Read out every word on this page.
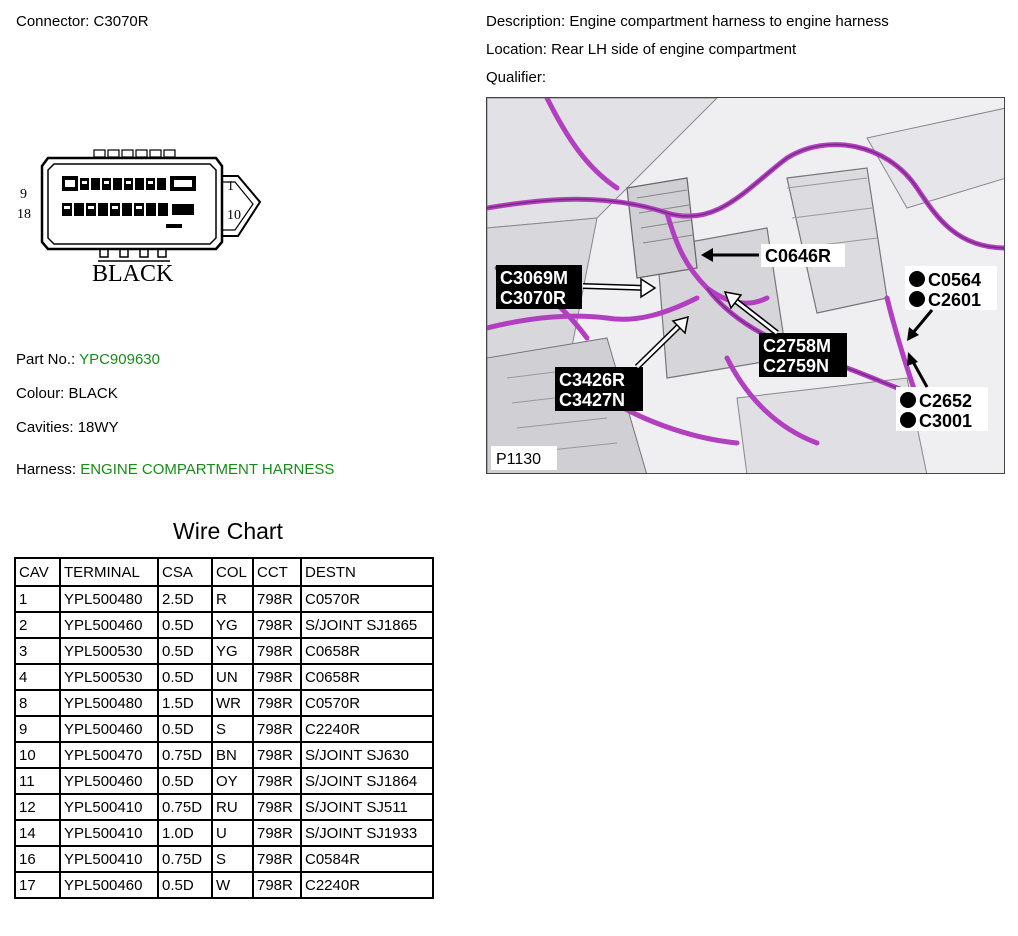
Connector: C3070R	Description: Engine compartment harness to engine harness
Location: Rear LH side of engine compartment
Qualifier:
9
18
1
10
BLACK
Part No.: YPC909630
Colour: BLACK
Cavities: 18WY
Harness: ENGINE COMPARTMENT HARNESS
C3069M
C3070R
C0646R
C0564
C2601
C2758M
C2759N
C3426R
C3427N	C2652
C3001
P1130
Wire Chart
CAV	TERMINAL	CSA	COL	CCT	DESTN
1	YPL500480	2.5D	R	798R	C0570R
2	YPL500460	0.5D	YG	798R	S/JOINT SJ1865
3	YPL500530	0.5D	YG	798R	C0658R
4	YPL500530	0.5D	UN	798R	C0658R
8	YPL500480	1.5D	WR	798R	C0570R
9	YPL500460	0.5D	S	798R	C2240R
10	YPL500470	0.75D	BN	798R	S/JOINT SJ630
11	YPL500460	0.5D	OY	798R	S/JOINT SJ1864
12	YPL500410	0.75D	RU	798R	S/JOINT SJ511
14	YPL500410	1.0D	U	798R	S/JOINT SJ1933
16	YPL500410	0.75D	S	798R	C0584R
17	YPL500460	0.5D	W	798R	C2240R
